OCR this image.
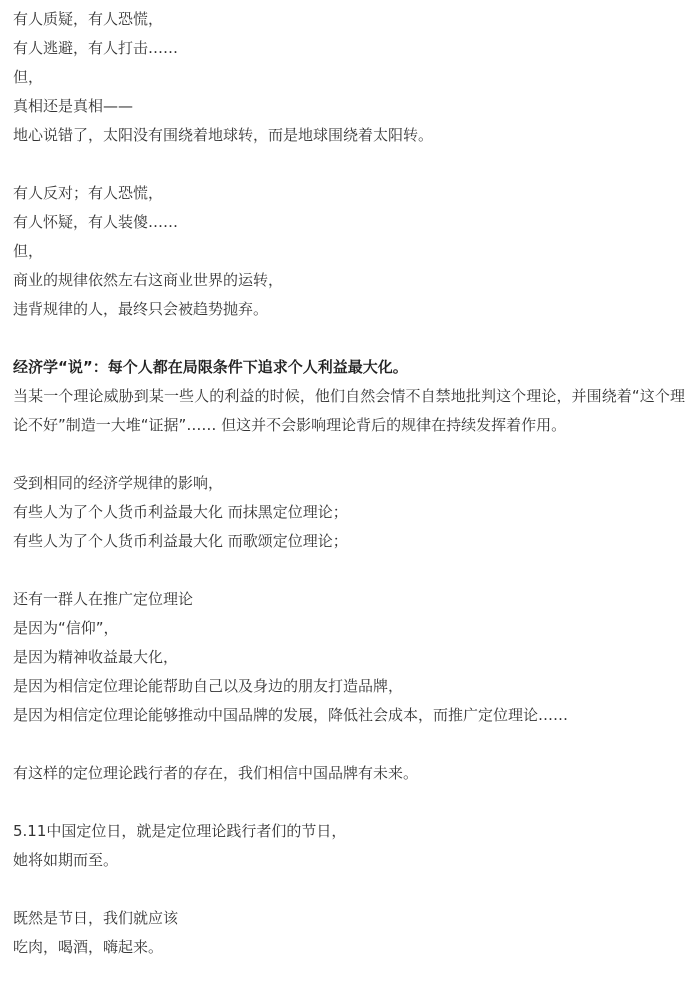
有人质疑，有人恐慌，
有人逃避，有人打击……
但，
真相还是真相——
地心说错了，太阳没有围绕着地球转，而是地球围绕着太阳转。
有人反对；有人恐慌，
有人怀疑，有人装傻……
但，
商业的规律依然左右这商业世界的运转，
违背规律的人，最终只会被趋势抛弃。
经济学“说”：每个人都在局限条件下追求个人利益最大化。
当某一个理论威胁到某一些人的利益的时候，他们自然会情不自禁地批判这个理论，并围绕着“这个理论不好”制造一大堆“证据”…… 但这并不会影响理论背后的规律在持续发挥着作用。
受到相同的经济学规律的影响，
有些人为了个人货币利益最大化 而抹黑定位理论；
有些人为了个人货币利益最大化 而歌颂定位理论；
还有一群人在推广定位理论
是因为“信仰”，
是因为精神收益最大化，
是因为相信定位理论能帮助自己以及身边的朋友打造品牌，
是因为相信定位理论能够推动中国品牌的发展，降低社会成本，而推广定位理论……
有这样的定位理论践行者的存在，我们相信中国品牌有未来。
5.11中国定位日，就是定位理论践行者们的节日，
她将如期而至。
既然是节日，我们就应该
吃肉，喝酒，嗨起来。
